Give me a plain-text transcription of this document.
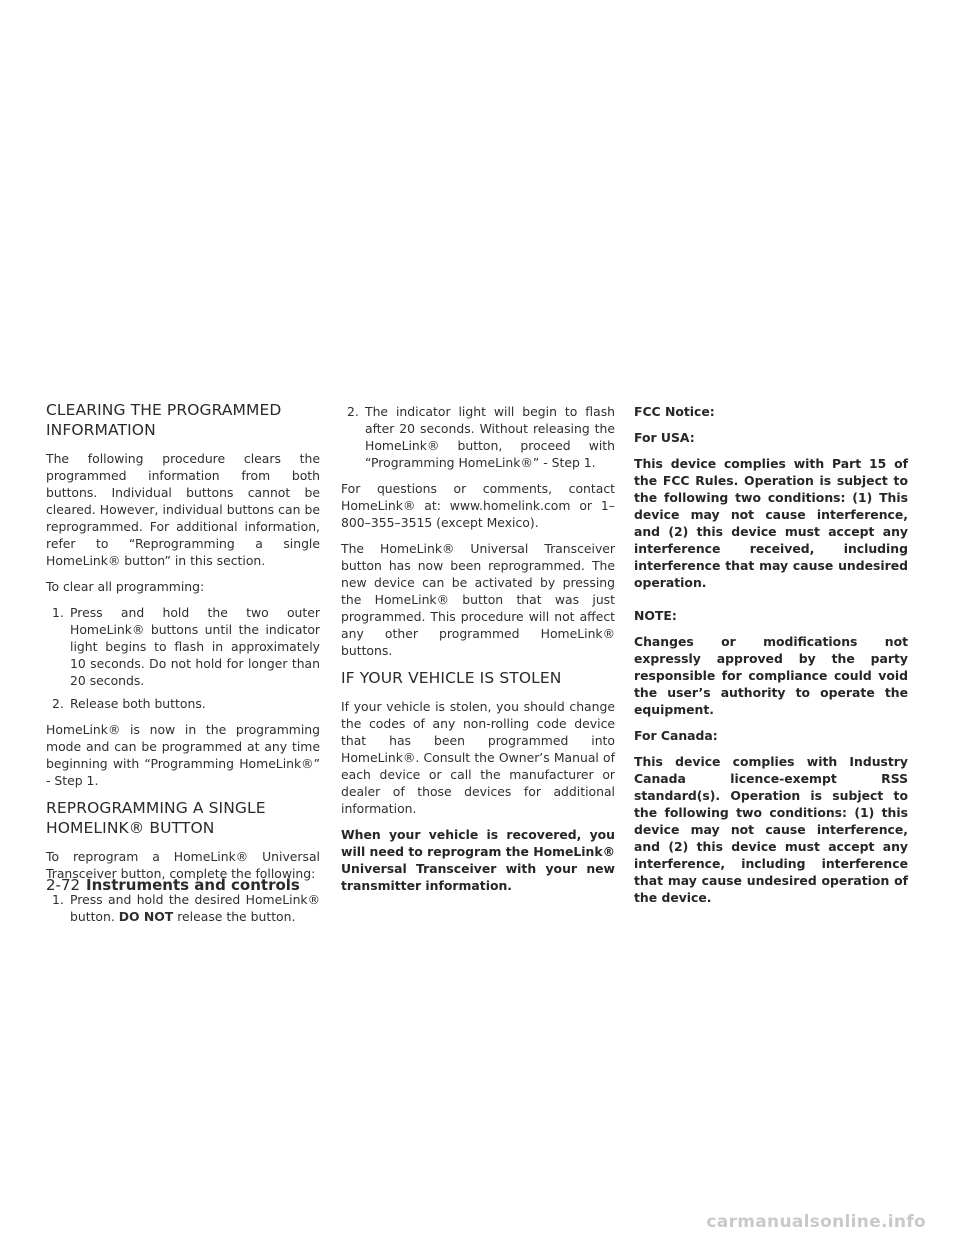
CLEARING THE PROGRAMMED INFORMATION

The following procedure clears the programmed information from both buttons. Individual buttons cannot be cleared. However, individual buttons can be reprogrammed. For additional information, refer to “Reprogramming a single HomeLink® button” in this section.

To clear all programming:

1. Press and hold the two outer HomeLink® buttons until the indicator light begins to flash in approximately 10 seconds. Do not hold for longer than 20 seconds.
2. Release both buttons.

HomeLink® is now in the programming mode and can be programmed at any time beginning with “Programming HomeLink®” - Step 1.

REPROGRAMMING A SINGLE HOMELINK® BUTTON

To reprogram a HomeLink® Universal Transceiver button, complete the following:

1. Press and hold the desired HomeLink® button. DO NOT release the button.
2. The indicator light will begin to flash after 20 seconds. Without releasing the HomeLink® button, proceed with “Programming HomeLink®” - Step 1.

For questions or comments, contact HomeLink® at: www.homelink.com or 1–800–355–3515 (except Mexico).

The HomeLink® Universal Transceiver button has now been reprogrammed. The new device can be activated by pressing the HomeLink® button that was just programmed. This procedure will not affect any other programmed HomeLink® buttons.

IF YOUR VEHICLE IS STOLEN

If your vehicle is stolen, you should change the codes of any non-rolling code device that has been programmed into HomeLink®. Consult the Owner’s Manual of each device or call the manufacturer or dealer of those devices for additional information.

When your vehicle is recovered, you will need to reprogram the HomeLink® Universal Transceiver with your new transmitter information.

FCC Notice:

For USA:

This device complies with Part 15 of the FCC Rules. Operation is subject to the following two conditions: (1) This device may not cause interference, and (2) this device must accept any interference received, including interference that may cause undesired operation.

NOTE:

Changes or modifications not expressly approved by the party responsible for compliance could void the user’s authority to operate the equipment.

For Canada:

This device complies with Industry Canada licence-exempt RSS standard(s). Operation is subject to the following two conditions: (1) this device may not cause interference, and (2) this device must accept any interference, including interference that may cause undesired operation of the device.

2-72 Instruments and controls
carmanualsonline.info
